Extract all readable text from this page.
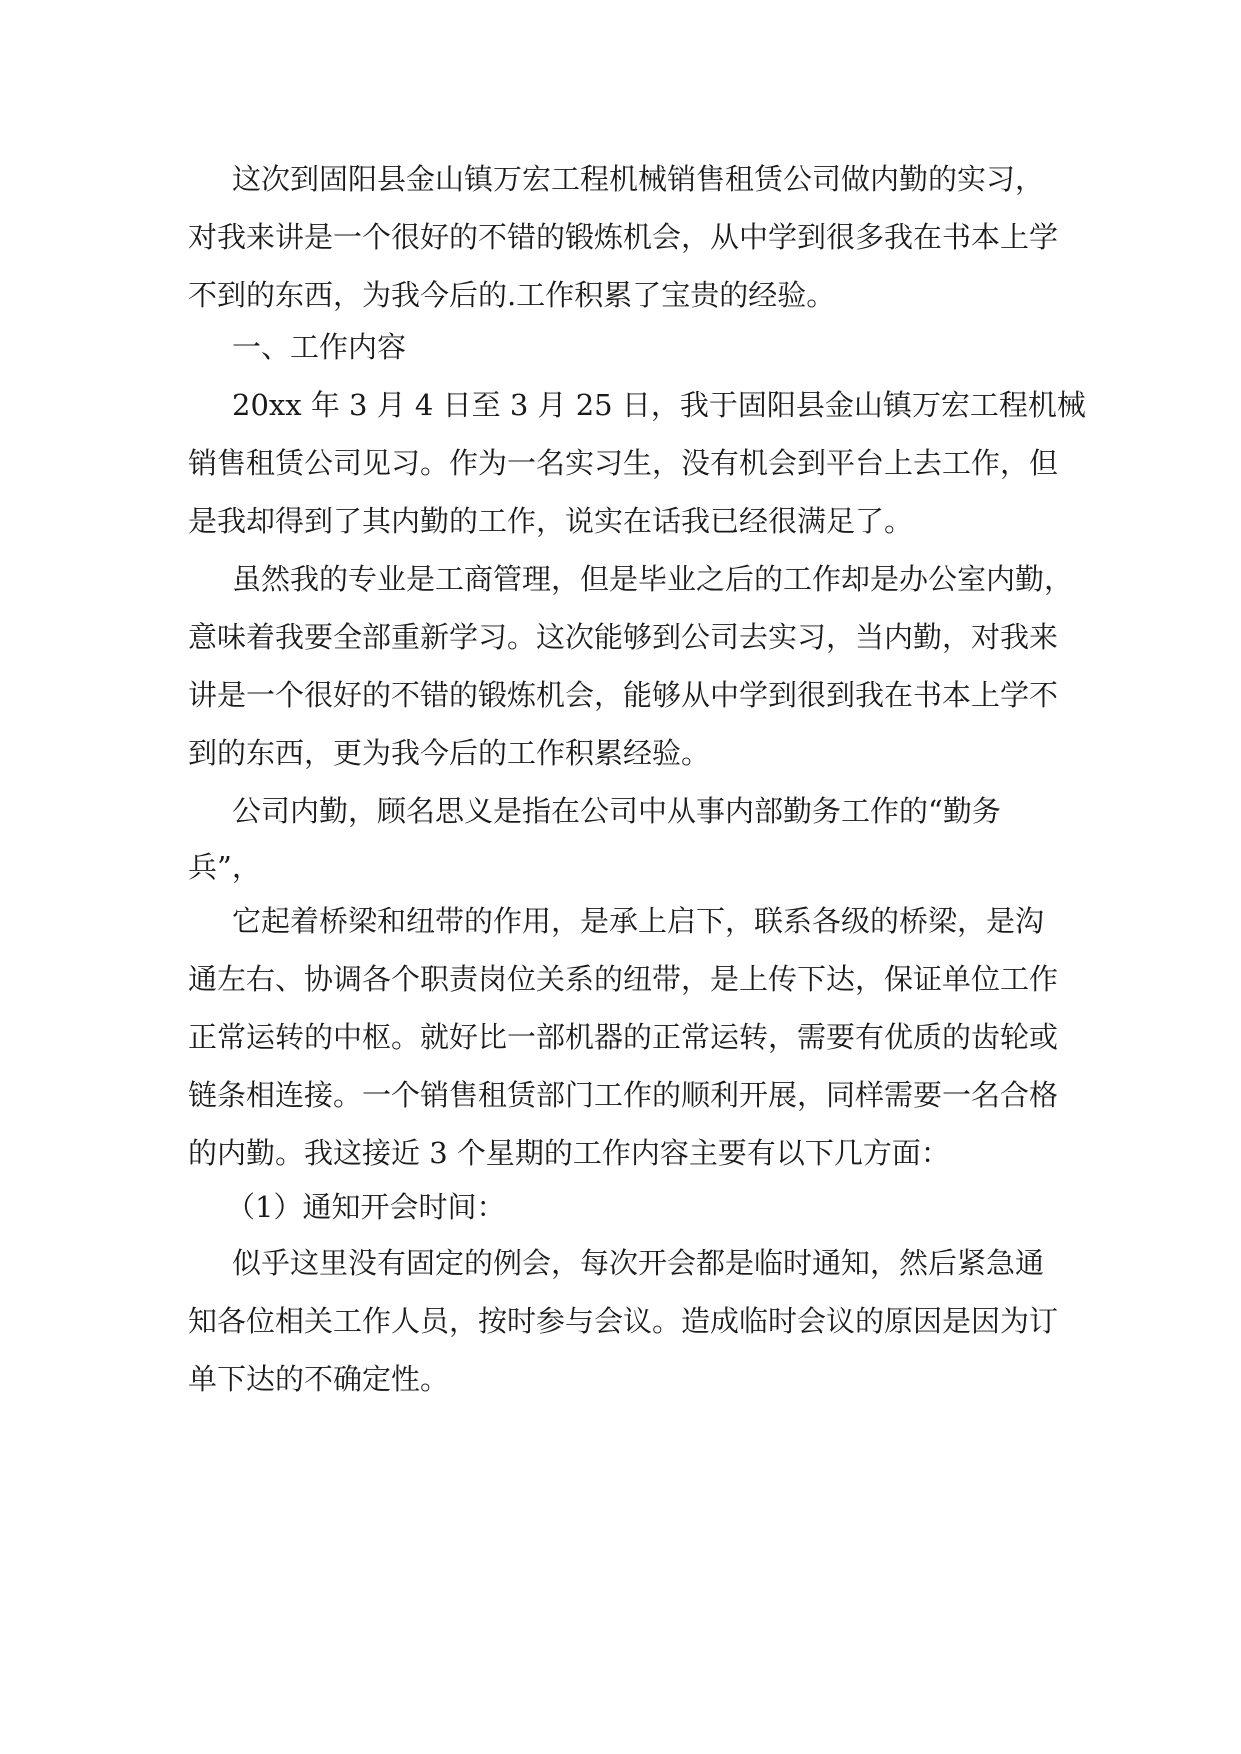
这次到固阳县金山镇万宏工程机械销售租赁公司做内勤的实习，
对我来讲是一个很好的不错的锻炼机会，从中学到很多我在书本上学
不到的东西，为我今后的.工作积累了宝贵的经验。
一、工作内容
20xx 年 3 月 4 日至 3 月 25 日，我于固阳县金山镇万宏工程机械
销售租赁公司见习。作为一名实习生，没有机会到平台上去工作，但
是我却得到了其内勤的工作，说实在话我已经很满足了。
虽然我的专业是工商管理，但是毕业之后的工作却是办公室内勤，
意味着我要全部重新学习。这次能够到公司去实习，当内勤，对我来
讲是一个很好的不错的锻炼机会，能够从中学到很到我在书本上学不
到的东西，更为我今后的工作积累经验。
公司内勤，顾名思义是指在公司中从事内部勤务工作的“勤务
兵”，
它起着桥梁和纽带的作用，是承上启下，联系各级的桥梁，是沟
通左右、协调各个职责岗位关系的纽带，是上传下达，保证单位工作
正常运转的中枢。就好比一部机器的正常运转，需要有优质的齿轮或
链条相连接。一个销售租赁部门工作的顺利开展，同样需要一名合格
的内勤。我这接近 3 个星期的工作内容主要有以下几方面：
（1）通知开会时间：
似乎这里没有固定的例会，每次开会都是临时通知，然后紧急通
知各位相关工作人员，按时参与会议。造成临时会议的原因是因为订
单下达的不确定性。
